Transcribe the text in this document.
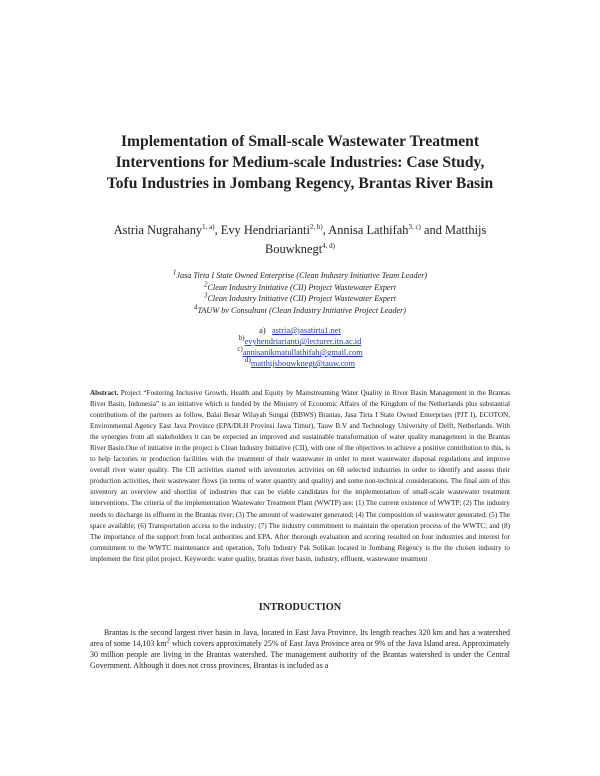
Implementation of Small-scale Wastewater Treatment
Interventions for Medium-scale Industries: Case Study,
Tofu Industries in Jombang Regency, Brantas River Basin
Astria Nugrahany$^{1, a)}$, Evy Hendriarianti$^{2, b)}$, Annisa Lathifah$^{3, c)}$ and Matthijs
Bouwknegt$^{4, d)}$
$^1$Jasa Tirta I State Owned Enterprise (Clean Industry Initiative Team Leader)
$^2$Clean Industry Initiative (CII) Project Wastewater Expert
$^3$Clean Industry Initiative (CII) Project Wastewater Expert
$^4$TAUW bv Consultant (Clean Industry Initiative Project Leader)
a) astria@jasatirta1.net
$^{b)}$evyhendriarianti@lecturer.itn.ac.id
$^{c)}$annisanikmatullathifah@gmail.com
$^{d)}$matthijsbouwknegt@tauw.com
Abstract. Project “Fostering Inclusive Growth, Health and Equity by Mainstreaming Water Quality in River Basin Management in the Brantas River Basin, Indonesia” is an initiative which is funded by the Ministry of Economic Affairs of the Kingdom of the Netherlands plus substantial contributions of the partners as follow, Balai Besar Wilayah Sungai (BBWS) Brantas, Jasa Tirta I State Owned Enterprises (PJT I), ECOTON, Environmental Agency East Java Province (EPA/DLH Provinsi Jawa Timur), Tauw B.V and Technology University of Delft, Netherlands. With the synergies from all stakeholders it can be expected an improved and sustainable transformation of water quality management in the Brantas River Basin.One of initiative in the project is Clean Industry Initiative (CII), with one of the objectives to achieve a positive contribution to this, is to help factories or production facilities with the treatment of their wastewater in order to meet wastewater disposal regulations and improve overall river water quality. The CII activities started with inventories activities on 68 selected industries in order to identify and assess their production activities, their wastewater flows (in terms of water quantity and quality) and some non-technical considerations. The final aim of this inventory an overview and shortlist of industries that can be viable candidates for the implementation of small-scale wastewater treatment interventions. The criteria of the implementation Wastewater Treatment Plant (WWTP) are: (1) The current existence of WWTP; (2) The industry needs to discharge its effluent in the Brantas river; (3) The amount of wastewater generated; (4) The composition of wastewater generated; (5) The space available; (6) Transportation access to the industry; (7) The industry commitment to maintain the operation process of the WWTC; and (8) The importance of the support from local authorities and EPA. After thorough evaluation and scoring resulted on four industries and interest for commitment to the WWTC maintenance and operation, Tofu Industry Pak Solikan located in Jombang Regency is the the chosen industry to implement the first pilot project. Keywords: water quality, brantas river basin, industry, effluent, wastewater treatment
INTRODUCTION
Brantas is the second largest river basin in Java, located in East Java Province. Its length reaches 320 km and has a watershed area of some 14,103 $km^2$ which covers approximately 25% of East Java Province area or 9% of the Java Island area. Approximately 30 million people are living in the Brantas watershed. The management authority of the Brantas watershed is under the Central Government. Although it does not cross provinces, Brantas is included as a
